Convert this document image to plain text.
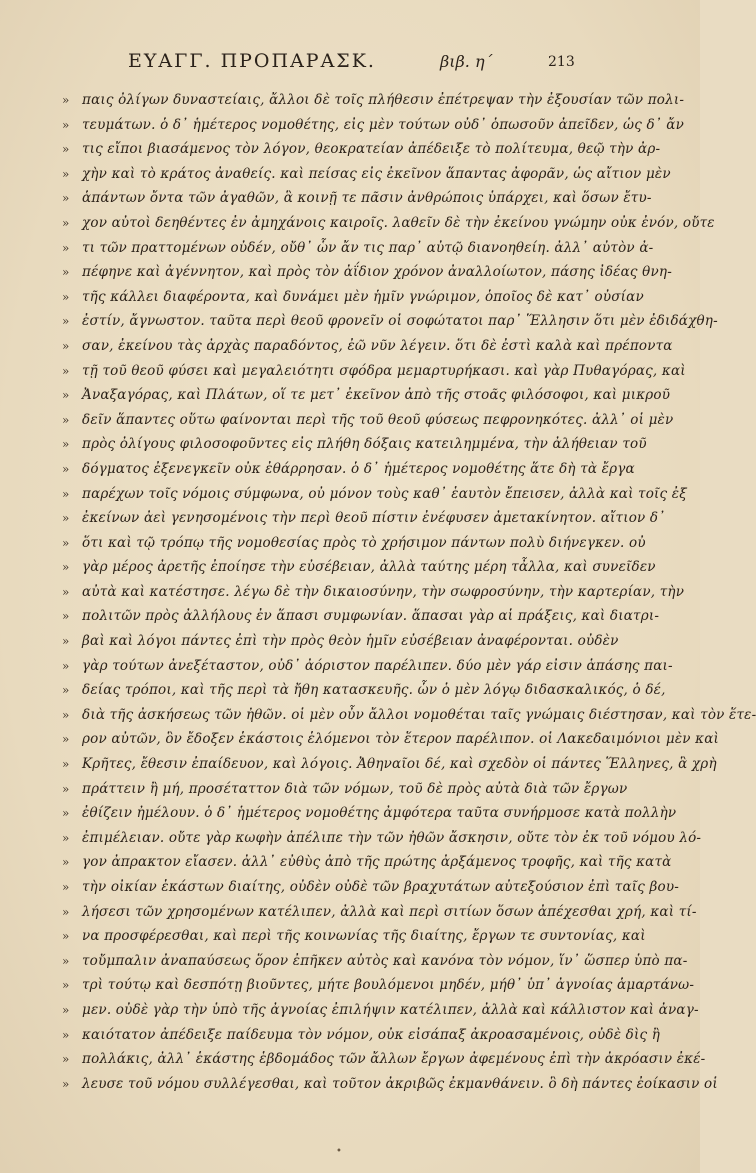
ΕΥΑΓΓ. ΠΡΟΠΑΡΑΣΚ.	βιβ. η´	213
» παις ὀλίγων δυναστείαις, ἄλλοι δὲ τοῖς πλήθεσιν ἐπέτρεψαν τὴν ἐξουσίαν τῶν πολι-
» τευμάτων. ὁ δ᾽ ἡμέτερος νομοθέτης, εἰς μὲν τούτων οὐδ᾽ ὁπωσοῦν ἀπεῖδεν, ὡς δ᾽ ἄν
» τις εἴποι βιασάμενος τὸν λόγον, θεοκρατείαν ἀπέδειξε τὸ πολίτευμα, θεῷ τὴν ἀρ-
» χὴν καὶ τὸ κράτος ἀναθείς. καὶ πείσας εἰς ἐκεῖνον ἅπαντας ἀφορᾶν, ὡς αἴτιον μὲν
» ἁπάντων ὄντα τῶν ἀγαθῶν, ἃ κοινῇ τε πᾶσιν ἀνθρώποις ὑπάρχει, καὶ ὅσων ἔτυ-
» χον αὐτοὶ δεηθέντες ἐν ἀμηχάνοις καιροῖς. λαθεῖν δὲ τὴν ἐκείνου γνώμην οὐκ ἐνόν, οὔτε
» τι τῶν πραττομένων οὐδέν, οὔθ᾽ ὧν ἄν τις παρ᾽ αὐτῷ διανοηθείη. ἀλλ᾽ αὐτὸν ἀ-
» πέφηνε καὶ ἀγέννητον, καὶ πρὸς τὸν ἀΐδιον χρόνον ἀναλλοίωτον, πάσης ἰδέας θνη-
» τῆς κάλλει διαφέροντα, καὶ δυνάμει μὲν ἡμῖν γνώριμον, ὁποῖος δὲ κατ᾽ οὐσίαν
» ἐστίν, ἄγνωστον. ταῦτα περὶ θεοῦ φρονεῖν οἱ σοφώτατοι παρ᾽ Ἕλλησιν ὅτι μὲν ἐδιδάχθη-
» σαν, ἐκείνου τὰς ἀρχὰς παραδόντος, ἐῶ νῦν λέγειν. ὅτι δὲ ἐστὶ καλὰ καὶ πρέποντα
» τῇ τοῦ θεοῦ φύσει καὶ μεγαλειότητι σφόδρα μεμαρτυρήκασι. καὶ γὰρ Πυθαγόρας, καὶ
» Ἀναξαγόρας, καὶ Πλάτων, οἵ τε μετ᾽ ἐκεῖνον ἀπὸ τῆς στοᾶς φιλόσοφοι, καὶ μικροῦ
» δεῖν ἅπαντες οὕτω φαίνονται περὶ τῆς τοῦ θεοῦ φύσεως πεφρονηκότες. ἀλλ᾽ οἱ μὲν
» πρὸς ὀλίγους φιλοσοφοῦντες εἰς πλήθη δόξαις κατειλημμένα, τὴν ἀλήθειαν τοῦ
» δόγματος ἐξενεγκεῖν οὐκ ἐθάρρησαν. ὁ δ᾽ ἡμέτερος νομοθέτης ἅτε δὴ τὰ ἔργα
» παρέχων τοῖς νόμοις σύμφωνα, οὐ μόνον τοὺς καθ᾽ ἑαυτὸν ἔπεισεν, ἀλλὰ καὶ τοῖς ἐξ
» ἐκείνων ἀεὶ γενησομένοις τὴν περὶ θεοῦ πίστιν ἐνέφυσεν ἀμετακίνητον. αἴτιον δ᾽
» ὅτι καὶ τῷ τρόπῳ τῆς νομοθεσίας πρὸς τὸ χρήσιμον πάντων πολὺ διήνεγκεν. οὐ
» γὰρ μέρος ἀρετῆς ἐποίησε τὴν εὐσέβειαν, ἀλλὰ ταύτης μέρη τἆλλα, καὶ συνεῖδεν
» αὐτὰ καὶ κατέστησε. λέγω δὲ τὴν δικαιοσύνην, τὴν σωφροσύνην, τὴν καρτερίαν, τὴν
» πολιτῶν πρὸς ἀλλήλους ἐν ἅπασι συμφωνίαν. ἅπασαι γὰρ αἱ πράξεις, καὶ διατρι-
» βαὶ καὶ λόγοι πάντες ἐπὶ τὴν πρὸς θεὸν ἡμῖν εὐσέβειαν ἀναφέρονται. οὐδὲν
» γὰρ τούτων ἀνεξέταστον, οὐδ᾽ ἀόριστον παρέλιπεν. δύο μὲν γάρ εἰσιν ἁπάσης παι-
» δείας τρόποι, καὶ τῆς περὶ τὰ ἤθη κατασκευῆς. ὧν ὁ μὲν λόγῳ διδασκαλικός, ὁ δέ,
» διὰ τῆς ἀσκήσεως τῶν ἠθῶν. οἱ μὲν οὖν ἄλλοι νομοθέται ταῖς γνώμαις διέστησαν, καὶ τὸν ἕτε-
» ρον αὐτῶν, ὃν ἔδοξεν ἑκάστοις ἑλόμενοι τὸν ἕτερον παρέλιπον. οἱ Λακεδαιμόνιοι μὲν καὶ
» Κρῆτες, ἔθεσιν ἐπαίδευον, καὶ λόγοις. Ἀθηναῖοι δέ, καὶ σχεδὸν οἱ πάντες Ἕλληνες, ἃ χρὴ
» πράττειν ἢ μή, προσέταττον διὰ τῶν νόμων, τοῦ δὲ πρὸς αὐτὰ διὰ τῶν ἔργων
» ἐθίζειν ἠμέλουν. ὁ δ᾽ ἡμέτερος νομοθέτης ἀμφότερα ταῦτα συνήρμοσε κατὰ πολλὴν
» ἐπιμέλειαν. οὔτε γὰρ κωφὴν ἀπέλιπε τὴν τῶν ἠθῶν ἄσκησιν, οὔτε τὸν ἐκ τοῦ νόμου λό-
» γον ἀπρακτον εἴασεν. ἀλλ᾽ εὐθὺς ἀπὸ τῆς πρώτης ἀρξάμενος τροφῆς, καὶ τῆς κατὰ
» τὴν οἰκίαν ἑκάστων διαίτης, οὐδὲν οὐδὲ τῶν βραχυτάτων αὐτεξούσιον ἐπὶ ταῖς βου-
» λήσεσι τῶν χρησομένων κατέλιπεν, ἀλλὰ καὶ περὶ σιτίων ὅσων ἀπέχεσθαι χρή, καὶ τί-
» να προσφέρεσθαι, καὶ περὶ τῆς κοινωνίας τῆς διαίτης, ἔργων τε συντονίας, καὶ
» τοὔμπαλιν ἀναπαύσεως ὅρον ἐπῆκεν αὐτὸς καὶ κανόνα τὸν νόμον, ἵν᾽ ὥσπερ ὑπὸ πα-
» τρὶ τούτῳ καὶ δεσπότῃ βιοῦντες, μήτε βουλόμενοι μηδέν, μήθ᾽ ὑπ᾽ ἀγνοίας ἁμαρτάνω-
» μεν. οὐδὲ γὰρ τὴν ὑπὸ τῆς ἀγνοίας ἐπιλήψιν κατέλιπεν, ἀλλὰ καὶ κάλλιστον καὶ ἀναγ-
» καιότατον ἀπέδειξε παίδευμα τὸν νόμον, οὐκ εἰσάπαξ ἀκροασαμένοις, οὐδὲ δὶς ἢ
» πολλάκις, ἀλλ᾽ ἑκάστης ἑβδομάδος τῶν ἄλλων ἔργων ἀφεμένους ἐπὶ τὴν ἀκρόασιν ἐκέ-
» λευσε τοῦ νόμου συλλέγεσθαι, καὶ τοῦτον ἀκριβῶς ἐκμανθάνειν. ὃ δὴ πάντες ἐοίκασιν οἱ
•
